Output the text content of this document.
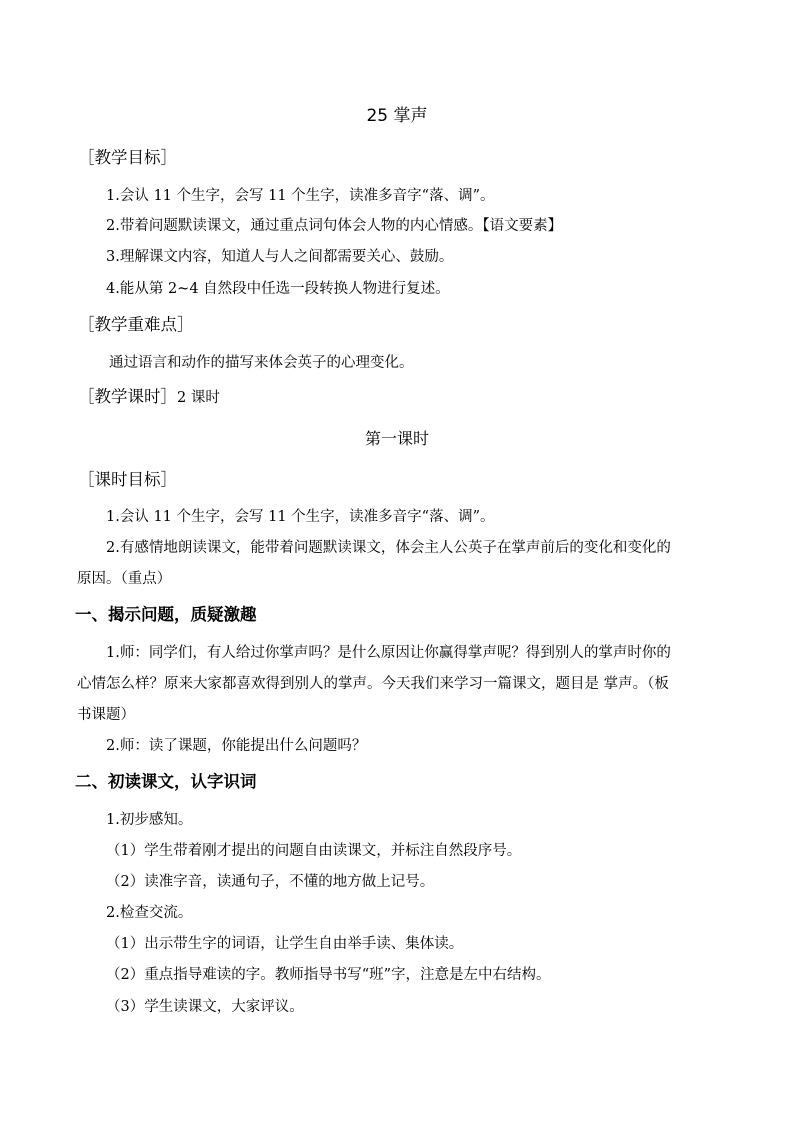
25 掌声
［教学目标］
1.会认 11 个生字，会写 11 个生字，读准多音字“落、调”。
2.带着问题默读课文，通过重点词句体会人物的内心情感。【语文要素】
3.理解课文内容，知道人与人之间都需要关心、鼓励。
4.能从第 2~4 自然段中任选一段转换人物进行复述。
［教学重难点］
通过语言和动作的描写来体会英子的心理变化。
［教学课时］2 课时
第一课时
［课时目标］
1.会认 11 个生字，会写 11 个生字，读准多音字“落、调”。
2.有感情地朗读课文，能带着问题默读课文，体会主人公英子在掌声前后的变化和变化的
原因。（重点）
一、揭示问题，质疑激趣
1.师：同学们，有人给过你掌声吗？是什么原因让你赢得掌声呢？得到别人的掌声时你的
心情怎么样？原来大家都喜欢得到别人的掌声。今天我们来学习一篇课文，题目是 掌声。（板
书课题）
2.师：读了课题，你能提出什么问题吗？
二、初读课文，认字识词
1.初步感知。
（1）学生带着刚才提出的问题自由读课文，并标注自然段序号。
（2）读准字音，读通句子，不懂的地方做上记号。
2.检查交流。
（1）出示带生字的词语，让学生自由举手读、集体读。
（2）重点指导难读的字。教师指导书写“班”字，注意是左中右结构。
（3）学生读课文，大家评议。
